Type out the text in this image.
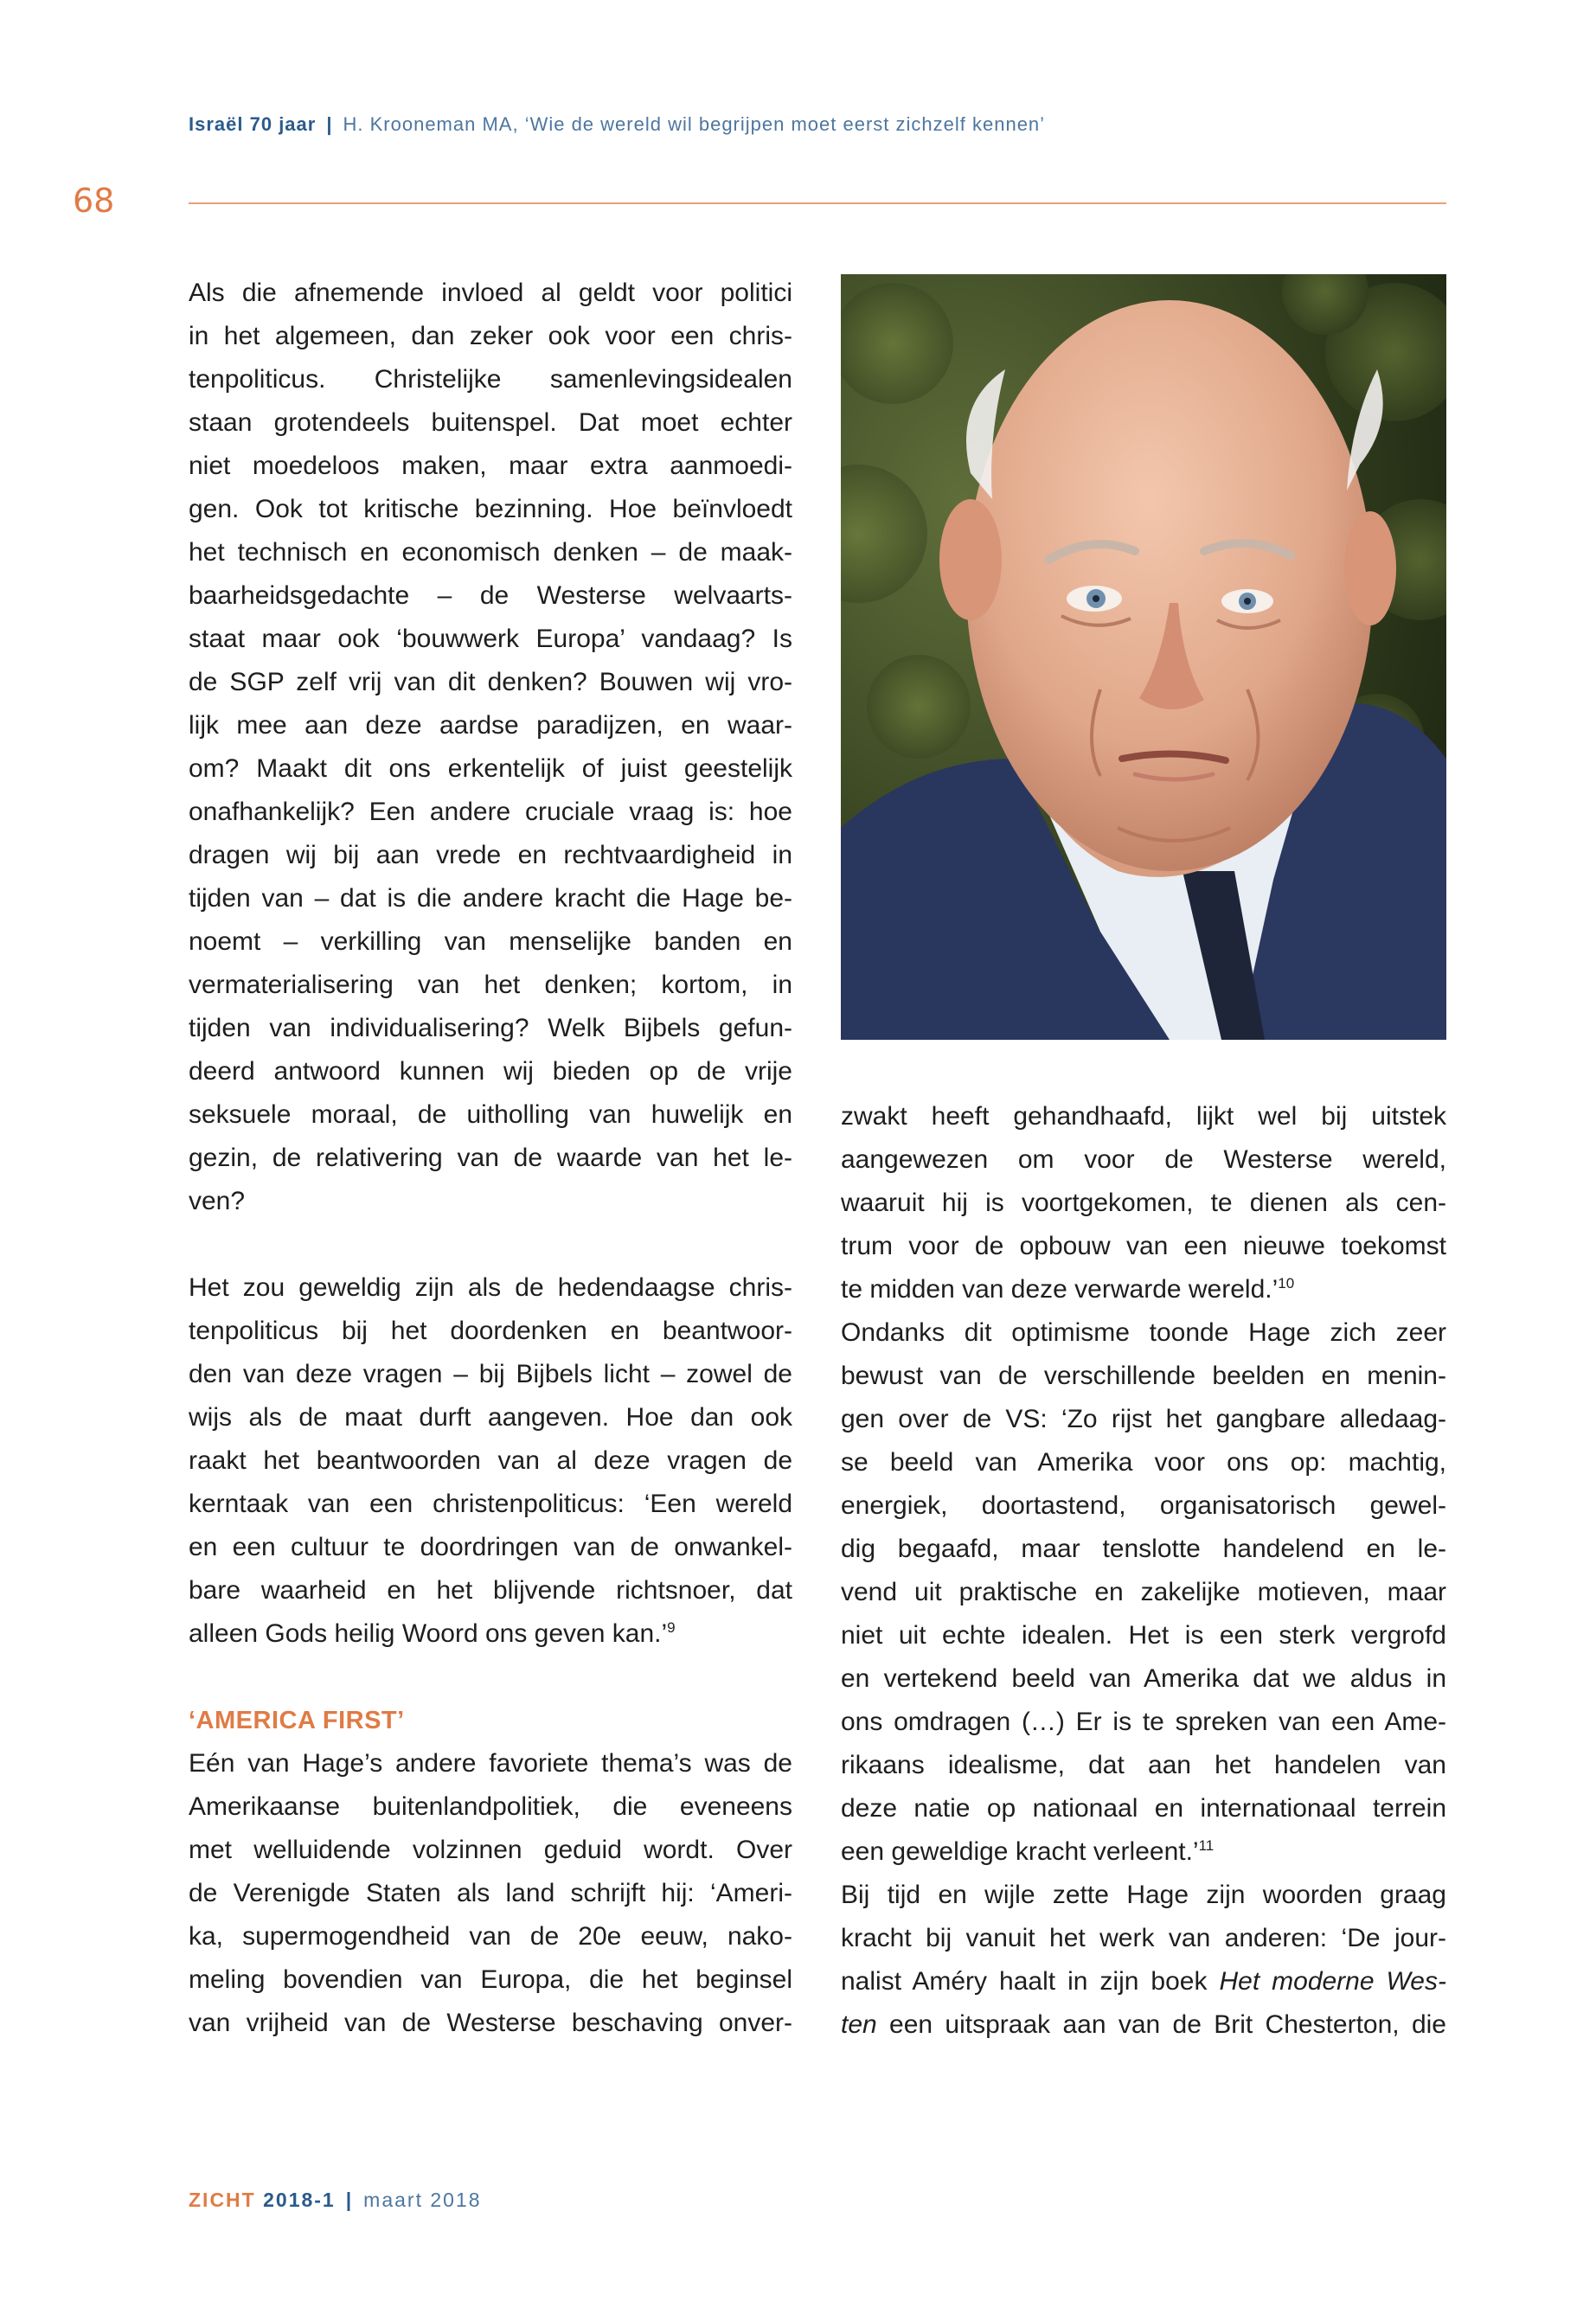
Israël 70 jaar | H. Krooneman MA, ‘Wie de wereld wil begrijpen moet eerst zichzelf kennen’
68
Als die afnemende invloed al geldt voor politici
in het algemeen, dan zeker ook voor een chris-
tenpoliticus. Christelijke samenlevingsidealen
staan grotendeels buitenspel. Dat moet echter
niet moedeloos maken, maar extra aanmoedi-
gen. Ook tot kritische bezinning. Hoe beïnvloedt
het technisch en economisch denken – de maak-
baarheidsgedachte – de Westerse welvaarts-
staat maar ook ‘bouwwerk Europa’ vandaag? Is
de SGP zelf vrij van dit denken? Bouwen wij vro-
lijk mee aan deze aardse paradijzen, en waar-
om? Maakt dit ons erkentelijk of juist geestelijk
onafhankelijk? Een andere cruciale vraag is: hoe
dragen wij bij aan vrede en rechtvaardigheid in
tijden van – dat is die andere kracht die Hage be-
noemt – verkilling van menselijke banden en
vermaterialisering van het denken; kortom, in
tijden van individualisering? Welk Bijbels gefun-
deerd antwoord kunnen wij bieden op de vrije
seksuele moraal, de uitholling van huwelijk en
gezin, de relativering van de waarde van het le-
ven?
Het zou geweldig zijn als de hedendaagse chris-
tenpoliticus bij het doordenken en beantwoor-
den van deze vragen – bij Bijbels licht – zowel de
wijs als de maat durft aangeven. Hoe dan ook
raakt het beantwoorden van al deze vragen de
kerntaak van een christenpoliticus: ‘Een wereld
en een cultuur te doordringen van de onwankel-
bare waarheid en het blijvende richtsnoer, dat
alleen Gods heilig Woord ons geven kan.’$^9$
‘AMERICA FIRST’
Eén van Hage’s andere favoriete thema’s was de
Amerikaanse buitenlandpolitiek, die eveneens
met welluidende volzinnen geduid wordt. Over
de Verenigde Staten als land schrijft hij: ‘Ameri-
ka, supermogendheid van de 20e eeuw, nako-
meling bovendien van Europa, die het beginsel
van vrijheid van de Westerse beschaving onver-
zwakt heeft gehandhaafd, lijkt wel bij uitstek
aangewezen om voor de Westerse wereld,
waaruit hij is voortgekomen, te dienen als cen-
trum voor de opbouw van een nieuwe toekomst
te midden van deze verwarde wereld.’$^{10}$
Ondanks dit optimisme toonde Hage zich zeer
bewust van de verschillende beelden en menin-
gen over de VS: ‘Zo rijst het gangbare alledaag-
se beeld van Amerika voor ons op: machtig,
energiek, doortastend, organisatorisch gewel-
dig begaafd, maar tenslotte handelend en le-
vend uit praktische en zakelijke motieven, maar
niet uit echte idealen. Het is een sterk vergrofd
en vertekend beeld van Amerika dat we aldus in
ons omdragen (…) Er is te spreken van een Ame-
rikaans idealisme, dat aan het handelen van
deze natie op nationaal en internationaal terrein
een geweldige kracht verleent.’$^{11}$
Bij tijd en wijle zette Hage zijn woorden graag
kracht bij vanuit het werk van anderen: ‘De jour-
nalist Améry haalt in zijn boek Het moderne Wes-
ten een uitspraak aan van de Brit Chesterton, die
ZICHT 2018-1 | maart 2018
